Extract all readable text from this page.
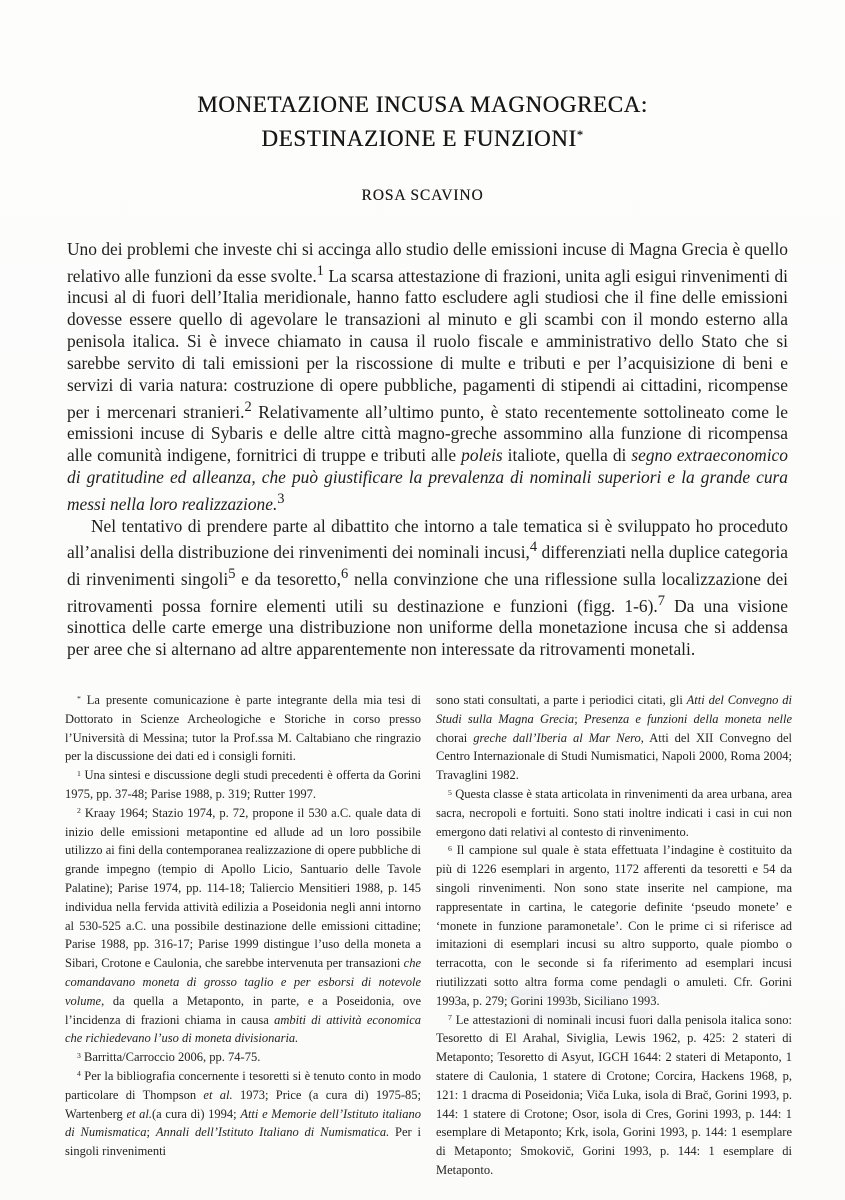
MONETAZIONE INCUSA MAGNOGRECA:
DESTINAZIONE E FUNZIONI*
ROSA SCAVINO

Uno dei problemi che investe chi si accinga allo studio delle emissioni incuse di Magna Grecia è quello relativo alle funzioni da esse svolte.$^1$ La scarsa attestazione di frazioni, unita agli esigui rinvenimenti di incusi al di fuori dell’Italia meridionale, hanno fatto escludere agli studiosi che il fine delle emissioni dovesse essere quello di agevolare le transazioni al minuto e gli scambi con il mondo esterno alla penisola italica. Si è invece chiamato in causa il ruolo fiscale e amministrativo dello Stato che si sarebbe servito di tali emissioni per la riscossione di multe e tributi e per l’acquisizione di beni e servizi di varia natura: costruzione di opere pubbliche, pagamenti di stipendi ai cittadini, ricompense per i mercenari stranieri.$^2$ Relativamente all’ultimo punto, è stato recentemente sottolineato come le emissioni incuse di Sybaris e delle altre città magno-greche assommino alla funzione di ricompensa alle comunità indigene, fornitrici di truppe e tributi alle poleis italiote, quella di segno extraeconomico di gratitudine ed alleanza, che può giustificare la prevalenza di nominali superiori e la grande cura messi nella loro realizzazione.$^3$

Nel tentativo di prendere parte al dibattito che intorno a tale tematica si è sviluppato ho proceduto all’analisi della distribuzione dei rinvenimenti dei nominali incusi,$^4$ differenziati nella duplice categoria di rinvenimenti singoli$^5$ e da tesoretto,$^6$ nella convinzione che una riflessione sulla localizzazione dei ritrovamenti possa fornire elementi utili su destinazione e funzioni (figg. 1-6).$^7$ Da una visione sinottica delle carte emerge una distribuzione non uniforme della monetazione incusa che si addensa per aree che si alternano ad altre apparentemente non interessate da ritrovamenti monetali.

* La presente comunicazione è parte integrante della mia tesi di Dottorato in Scienze Archeologiche e Storiche in corso presso l’Università di Messina; tutor la Prof.ssa M. Caltabiano che ringrazio per la discussione dei dati ed i consigli forniti.

$^1$ Una sintesi e discussione degli studi precedenti è offerta da Gorini 1975, pp. 37-48; Parise 1988, p. 319; Rutter 1997.

$^2$ Kraay 1964; Stazio 1974, p. 72, propone il 530 a.C. quale data di inizio delle emissioni metapontine ed allude ad un loro possibile utilizzo ai fini della contemporanea realizzazione di opere pubbliche di grande impegno (tempio di Apollo Licio, Santuario delle Tavole Palatine); Parise 1974, pp. 114-18; Taliercio Mensitieri 1988, p. 145 individua nella fervida attività edilizia a Poseidonia negli anni intorno al 530-525 a.C. una possibile destinazione delle emissioni cittadine; Parise 1988, pp. 316-17; Parise 1999 distingue l’uso della moneta a Sibari, Crotone e Caulonia, che sarebbe intervenuta per transazioni che comandavano moneta di grosso taglio e per esborsi di notevole volume, da quella a Metaponto, in parte, e a Poseidonia, ove l’incidenza di frazioni chiama in causa ambiti di attività economica che richiedevano l’uso di moneta divisionaria.

$^3$ Barritta/Carroccio 2006, pp. 74-75.

$^4$ Per la bibliografia concernente i tesoretti si è tenuto conto in modo particolare di Thompson et al. 1973; Price (a cura di) 1975-85; Wartenberg et al.(a cura di) 1994; Atti e Memorie dell’Istituto italiano di Numismatica; Annali dell’Istituto Italiano di Numismatica. Per i singoli rinvenimenti

sono stati consultati, a parte i periodici citati, gli Atti del Convegno di Studi sulla Magna Grecia; Presenza e funzioni della moneta nelle chorai greche dall’Iberia al Mar Nero, Atti del XII Convegno del Centro Internazionale di Studi Numismatici, Napoli 2000, Roma 2004; Travaglini 1982.

$^5$ Questa classe è stata articolata in rinvenimenti da area urbana, area sacra, necropoli e fortuiti. Sono stati inoltre indicati i casi in cui non emergono dati relativi al contesto di rinvenimento.

$^6$ Il campione sul quale è stata effettuata l’indagine è costituito da più di 1226 esemplari in argento, 1172 afferenti da tesoretti e 54 da singoli rinvenimenti. Non sono state inserite nel campione, ma rappresentate in cartina, le categorie definite ‘pseudo monete’ e ‘monete in funzione paramonetale’. Con le prime ci si riferisce ad imitazioni di esemplari incusi su altro supporto, quale piombo o terracotta, con le seconde si fa riferimento ad esemplari incusi riutilizzati sotto altra forma come pendagli o amuleti. Cfr. Gorini 1993a, p. 279; Gorini 1993b, Siciliano 1993.

$^7$ Le attestazioni di nominali incusi fuori dalla penisola italica sono: Tesoretto di El Arahal, Siviglia, Lewis 1962, p. 425: 2 stateri di Metaponto; Tesoretto di Asyut, IGCH 1644: 2 stateri di Metaponto, 1 statere di Caulonia, 1 statere di Crotone; Corcira, Hackens 1968, p, 121: 1 dracma di Poseidonia; Viča Luka, isola di Brač, Gorini 1993, p. 144: 1 statere di Crotone; Osor, isola di Cres, Gorini 1993, p. 144: 1 esemplare di Metaponto; Krk, isola, Gorini 1993, p. 144: 1 esemplare di Metaponto; Smokovič, Gorini 1993, p. 144: 1 esemplare di Metaponto.
